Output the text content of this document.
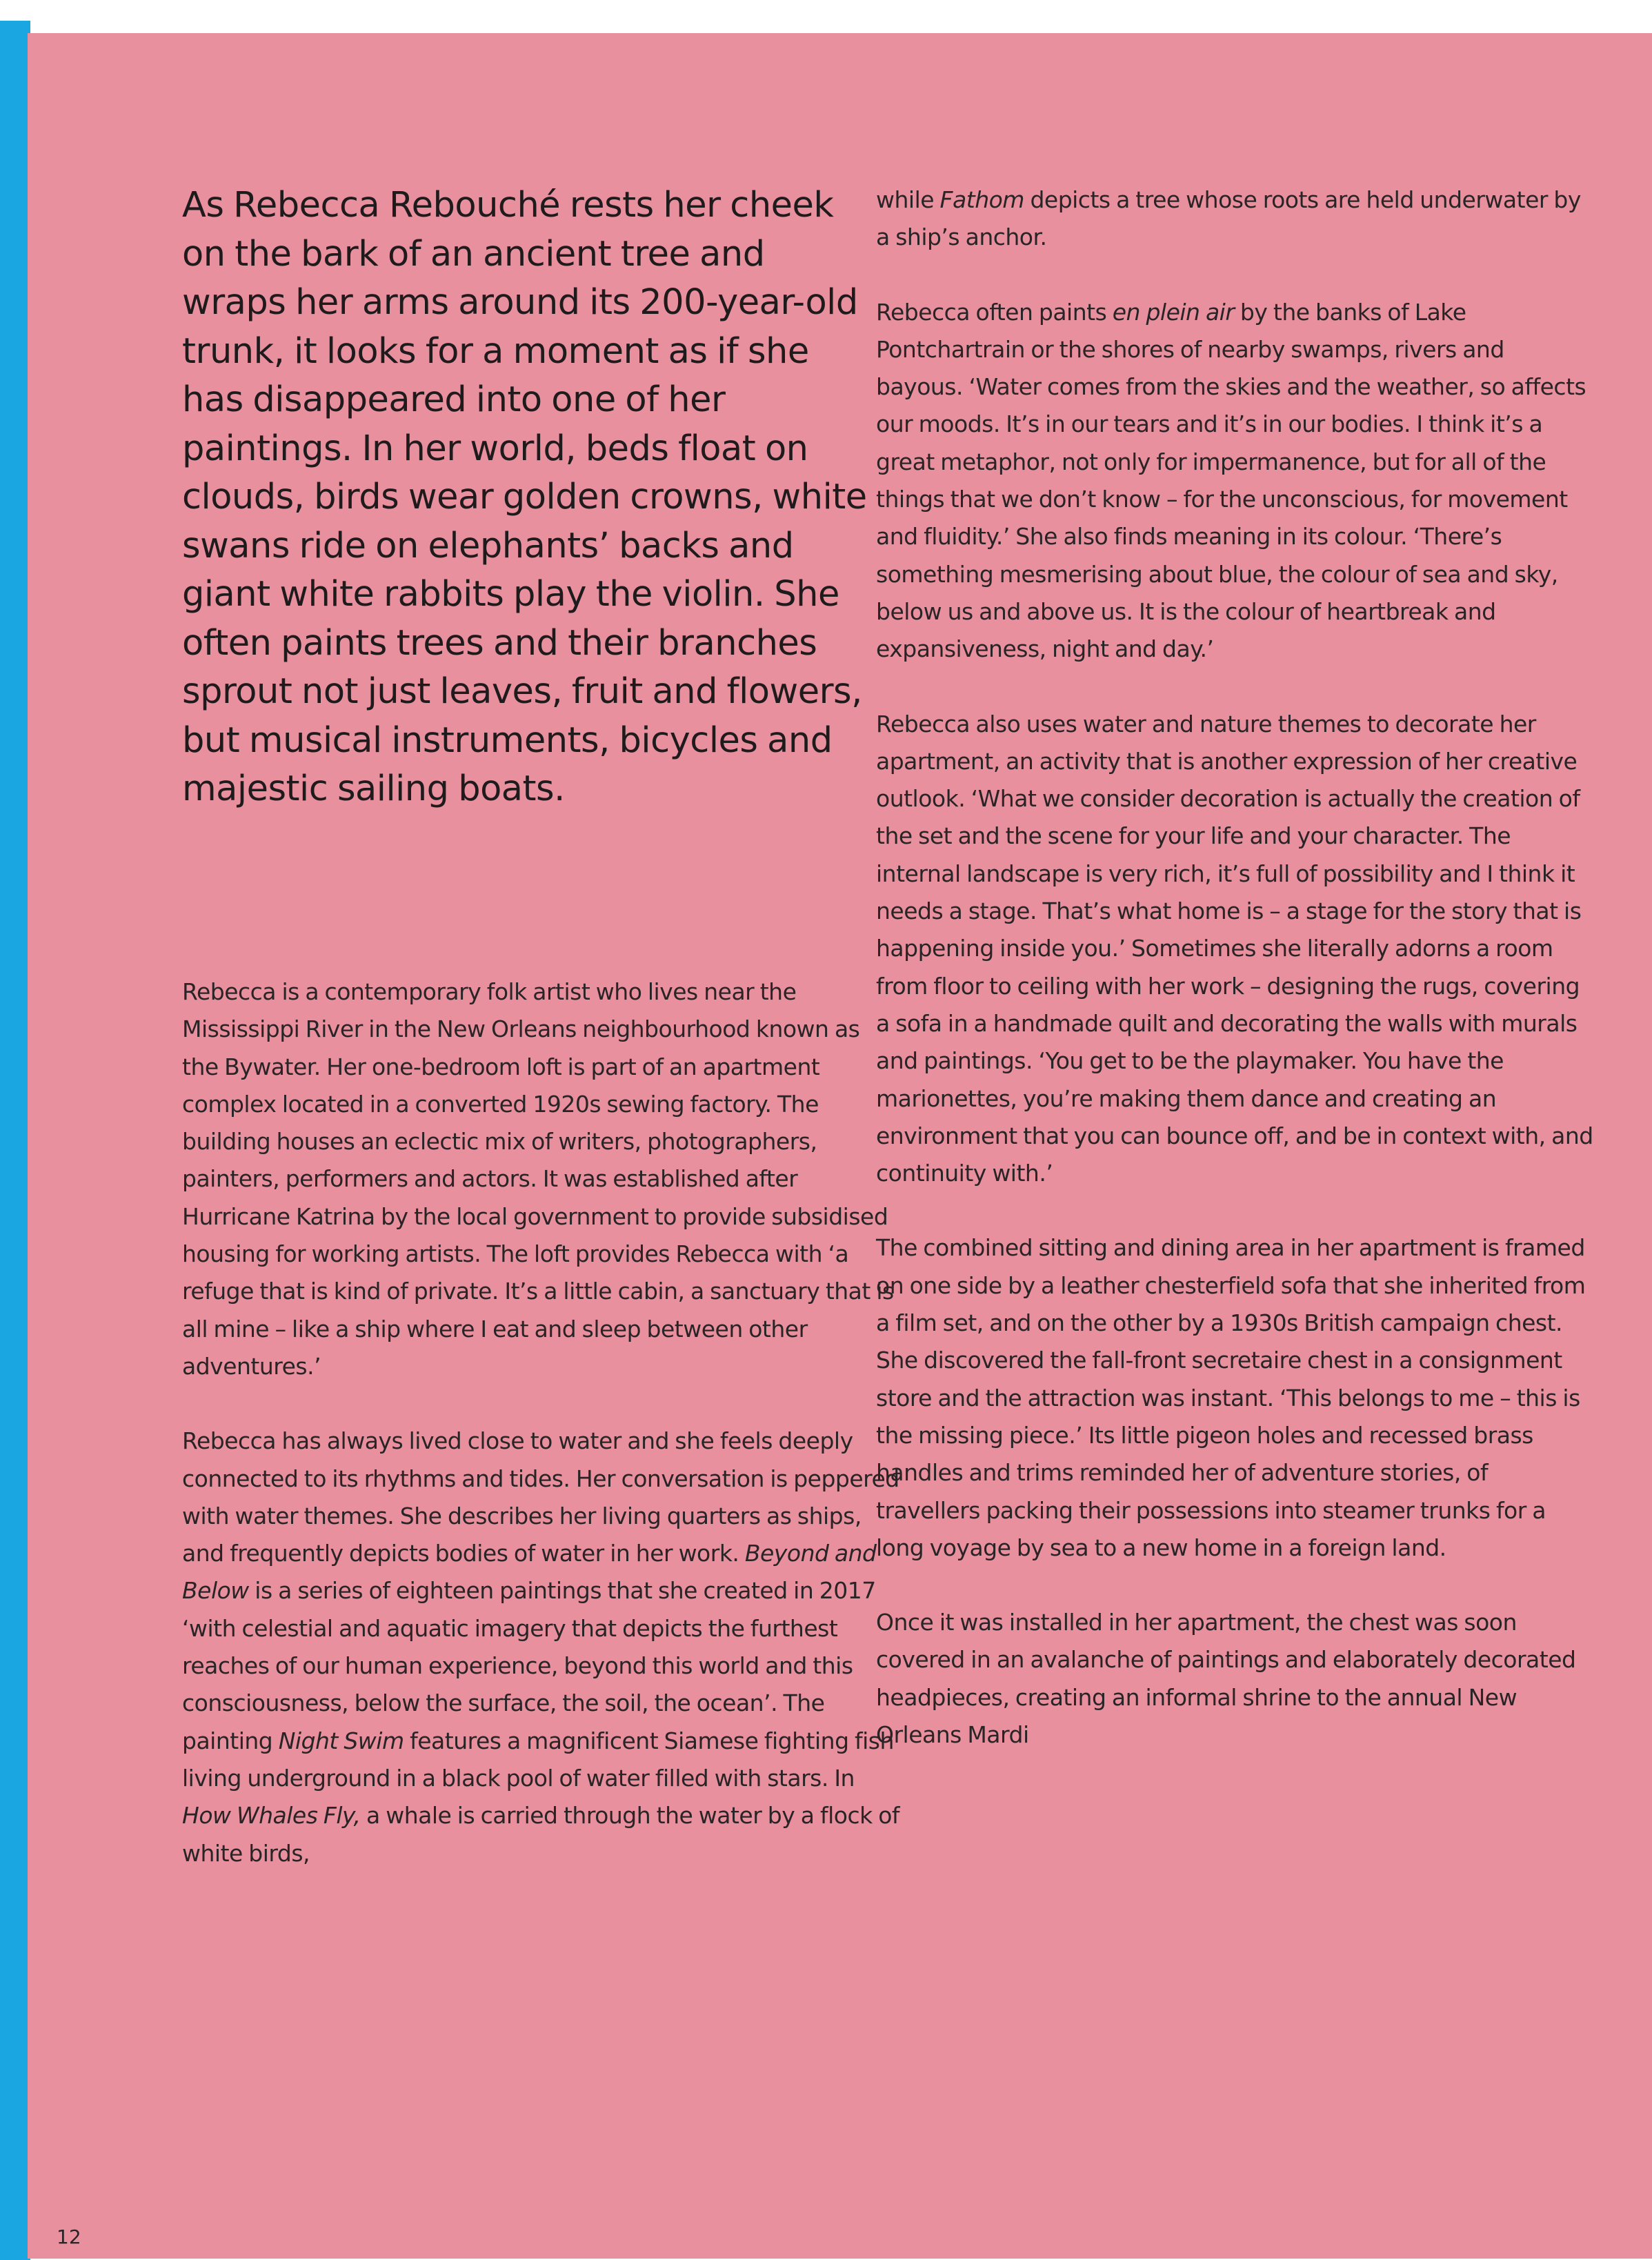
As Rebecca Rebouché rests her cheek on the bark of an ancient tree and wraps her arms around its 200-year-old trunk, it looks for a moment as if she has disappeared into one of her paintings. In her world, beds float on clouds, birds wear golden crowns, white swans ride on elephants’ backs and giant white rabbits play the violin. She often paints trees and their branches sprout not just leaves, fruit and flowers, but musical instruments, bicycles and majestic sailing boats.

Rebecca is a contemporary folk artist who lives near the Mississippi River in the New Orleans neighbourhood known as the Bywater. Her one-bedroom loft is part of an apartment complex located in a converted 1920s sewing factory. The building houses an eclectic mix of writers, photographers, painters, performers and actors. It was established after Hurricane Katrina by the local government to provide subsidised housing for working artists. The loft provides Rebecca with ‘a refuge that is kind of private. It’s a little cabin, a sanctuary that is all mine – like a ship where I eat and sleep between other adventures.’

Rebecca has always lived close to water and she feels deeply connected to its rhythms and tides. Her conversation is peppered with water themes. She describes her living quarters as ships, and frequently depicts bodies of water in her work. Beyond and Below is a series of eighteen paintings that she created in 2017 ‘with celestial and aquatic imagery that depicts the furthest reaches of our human experience, beyond this world and this consciousness, below the surface, the soil, the ocean’. The painting Night Swim features a magnificent Siamese fighting fish living underground in a black pool of water filled with stars. In How Whales Fly, a whale is carried through the water by a flock of white birds,

while Fathom depicts a tree whose roots are held underwater by a ship’s anchor.

Rebecca often paints en plein air by the banks of Lake Pontchartrain or the shores of nearby swamps, rivers and bayous. ‘Water comes from the skies and the weather, so affects our moods. It’s in our tears and it’s in our bodies. I think it’s a great metaphor, not only for impermanence, but for all of the things that we don’t know – for the unconscious, for movement and fluidity.’ She also finds meaning in its colour. ‘There’s something mesmerising about blue, the colour of sea and sky, below us and above us. It is the colour of heartbreak and expansiveness, night and day.’

Rebecca also uses water and nature themes to decorate her apartment, an activity that is another expression of her creative outlook. ‘What we consider decoration is actually the creation of the set and the scene for your life and your character. The internal landscape is very rich, it’s full of possibility and I think it needs a stage. That’s what home is – a stage for the story that is happening inside you.’ Sometimes she literally adorns a room from floor to ceiling with her work – designing the rugs, covering a sofa in a handmade quilt and decorating the walls with murals and paintings. ‘You get to be the playmaker. You have the marionettes, you’re making them dance and creating an environment that you can bounce off, and be in context with, and continuity with.’

The combined sitting and dining area in her apartment is framed on one side by a leather chesterfield sofa that she inherited from a film set, and on the other by a 1930s British campaign chest. She discovered the fall-front secretaire chest in a consignment store and the attraction was instant. ‘This belongs to me – this is the missing piece.’ Its little pigeon holes and recessed brass handles and trims reminded her of adventure stories, of travellers packing their possessions into steamer trunks for a long voyage by sea to a new home in a foreign land.

Once it was installed in her apartment, the chest was soon covered in an avalanche of paintings and elaborately decorated headpieces, creating an informal shrine to the annual New Orleans Mardi

12
